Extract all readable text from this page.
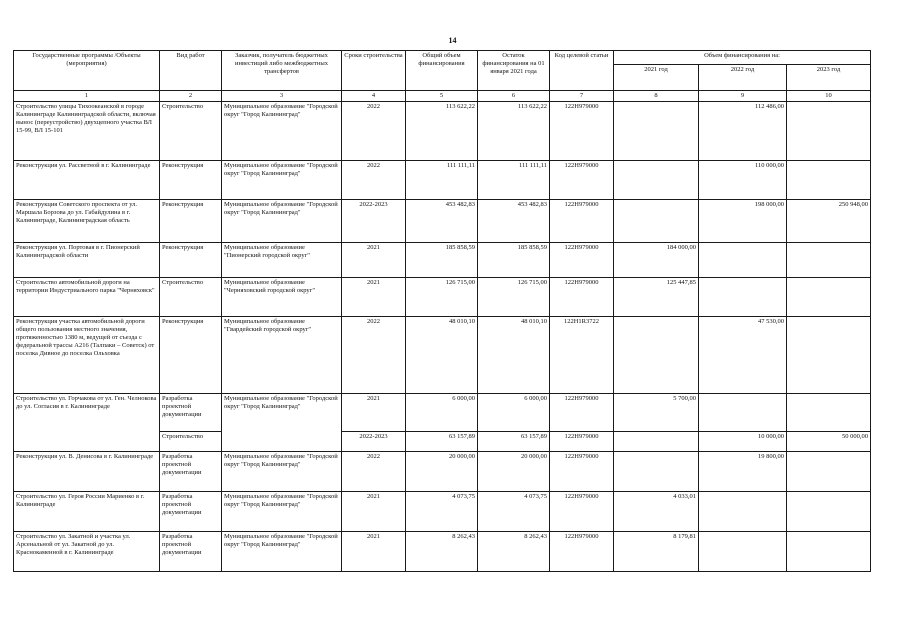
14
Государственные программы /Объекты (мероприятия)	Вид работ	Заказчик, получатель бюджетных инвестиций либо межбюджетных трансфертов	Сроки строительства	Общий объем финансирования	Остаток финансирования на 01 января 2021 года	Код целевой статьи	Объем финансирования на:		
							2021 год	2022 год	2023 год
1	2	3	4	5	6	7	8	9	10
Строительство улицы Тихоокеанской в городе Калининграде Калининградской области, включая вынос (переустройство) двухцепного участка ВЛ 15-99, ВЛ 15-101	Строительство	Муниципальное образование "Городской округ "Город Калининград"	2022	113 622,22	113 622,22	122H979000		112 486,00	
Реконструкция ул. Рассветной в г. Калининграде	Реконструкция	Муниципальное образование "Городской округ "Город Калининград"	2022	111 111,11	111 111,11	122H979000		110 000,00	
Реконструкция Советского проспекта от ул. Маршала Борзова до ул. Габайдулина в г. Калининграде, Калининградская область	Реконструкция	Муниципальное образование "Городской округ "Город Калининград"	2022-2023	453 482,83	453 482,83	122H979000		198 000,00	250 948,00
Реконструкция ул. Портовая в г. Пионерский Калининградской области	Реконструкция	Муниципальное образование "Пионерский городской округ"	2021	185 858,59	185 858,59	122H979000	184 000,00		
Строительство автомобильной дороги на территории Индустриального парка "Черняховск"	Строительство	Муниципальное образование "Черняховский городской округ"	2021	126 715,00	126 715,00	122H979000	125 447,85		
Реконструкция участка автомобильной дороги общего пользования местного значения, протяженностью 1380 м, ведущей от съезда с федеральной трассы А216 (Талпаки – Советск) от поселка Дивное до поселка Ольховка	Реконструкция	Муниципальное образование "Гвардейский городской округ"	2022	48 010,10	48 010,10	122H1R3722		47 530,00	
Строительство ул. Горчакова от ул. Ген. Челнокова до ул. Согласия в г. Калининграде	Разработка проектной документации	Муниципальное образование "Городской округ "Город Калининград"	2021	6 000,00	6 000,00	122H979000	5 700,00		
	Строительство		2022-2023	63 157,89	63 157,89	122H979000		10 000,00	50 000,00
Реконструкция ул. В. Денисова в г. Калининграде	Разработка проектной документации	Муниципальное образование "Городской округ "Город Калининград"	2022	20 000,00	20 000,00	122H979000		19 800,00	
Строительство ул. Героя России Мариенко в г. Калининграде	Разработка проектной документации	Муниципальное образование "Городской округ "Город Калининград"	2021	4 073,75	4 073,75	122H979000	4 033,01		
Строительство ул. Закатной и участка ул. Арсенальной от ул. Закатной до ул. Краснокаменной в г. Калининграде	Разработка проектной документации	Муниципальное образование "Городской округ "Город Калининград"	2021	8 262,43	8 262,43	122H979000	8 179,81		
